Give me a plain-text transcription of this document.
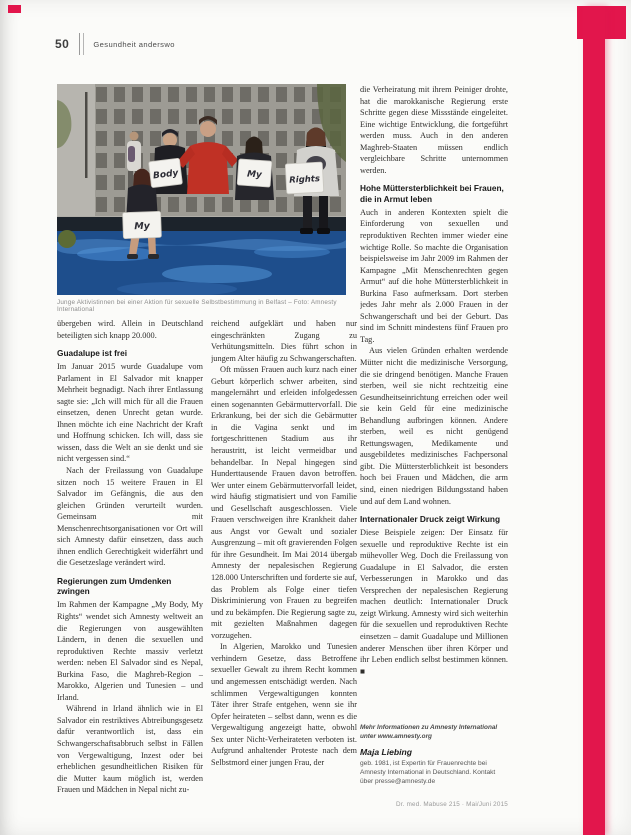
50	Gesundheit anderswo
Body	My	Rights
My
Junge Aktivistinnen bei einer Aktion für sexuelle Selbstbestimmung in Belfast – Foto: Amnesty International

übergeben wird. Allein in Deutschland beteiligten sich knapp 20.000.

Guadalupe ist frei

Im Januar 2015 wurde Guadalupe vom Parlament in El Salvador mit knapper Mehrheit begnadigt. Nach ihrer Entlassung sagte sie: „Ich will mich für all die Frauen einsetzen, denen Unrecht getan wurde. Ihnen möchte ich eine Nachricht der Kraft und Hoffnung schicken. Ich will, dass sie wissen, dass die Welt an sie denkt und sie nicht vergessen sind.“

Nach der Freilassung von Guadalupe sitzen noch 15 weitere Frauen in El Salvador im Gefängnis, die aus den gleichen Gründen verurteilt wurden. Gemeinsam mit Menschenrechtsorganisationen vor Ort will sich Amnesty dafür einsetzen, dass auch ihnen endlich Gerechtigkeit widerfährt und die Gesetzeslage verändert wird.

Regierungen zum Umdenken zwingen

Im Rahmen der Kampagne „My Body, My Rights“ wendet sich Amnesty weltweit an die Regierungen von ausgewählten Ländern, in denen die sexuellen und reproduktiven Rechte massiv verletzt werden: neben El Salvador sind es Nepal, Burkina Faso, die Maghreb-Region – Marokko, Algerien und Tunesien – und Irland.

Während in Irland ähnlich wie in El Salvador ein restriktives Abtreibungsgesetz dafür verantwortlich ist, dass ein Schwangerschaftsabbruch selbst in Fällen von Vergewaltigung, Inzest oder bei erheblichen gesundheitlichen Risiken für die Mutter kaum möglich ist, werden Frauen und Mädchen in Nepal nicht zu-

reichend aufgeklärt und haben nur eingeschränkten Zugang zu Verhütungsmitteln. Dies führt schon in jungem Alter häufig zu Schwangerschaften.

Oft müssen Frauen auch kurz nach einer Geburt körperlich schwer arbeiten, sind mangelernährt und erleiden infolgedessen einen sogenannten Gebärmuttervorfall. Die Erkrankung, bei der sich die Gebärmutter in die Vagina senkt und im fortgeschrittenen Stadium aus ihr heraustritt, ist leicht vermeidbar und behandelbar. In Nepal hingegen sind Hunderttausende Frauen davon betroffen. Wer unter einem Gebärmuttervorfall leidet, wird häufig stigmatisiert und von Familie und Gesellschaft ausgeschlossen. Viele Frauen verschweigen ihre Krankheit daher aus Angst vor Gewalt und sozialer Ausgrenzung – mit oft gravierenden Folgen für ihre Gesundheit. Im Mai 2014 übergab Amnesty der nepalesischen Regierung 128.000 Unterschriften und forderte sie auf, das Problem als Folge einer tiefen Diskriminierung von Frauen zu begreifen und zu bekämpfen. Die Regierung sagte zu, mit gezielten Maßnahmen dagegen vorzugehen.

In Algerien, Marokko und Tunesien verhindern Gesetze, dass Betroffene sexueller Gewalt zu ihrem Recht kommen und angemessen entschädigt werden. Nach schlimmen Vergewaltigungen konnten Täter ihrer Strafe entgehen, wenn sie ihr Opfer heirateten – selbst dann, wenn es die Vergewaltigung angezeigt hatte, obwohl Sex unter Nicht-Verheirateten verboten ist. Aufgrund anhaltender Proteste nach dem Selbstmord einer jungen Frau, der

die Verheiratung mit ihrem Peiniger drohte, hat die marokkanische Regierung erste Schritte gegen diese Missstände eingeleitet. Eine wichtige Entwicklung, die fortgeführt werden muss. Auch in den anderen Maghreb-Staaten müssen endlich vergleichbare Schritte unternommen werden.

Hohe Müttersterblichkeit bei Frauen, die in Armut leben

Auch in anderen Kontexten spielt die Einforderung von sexuellen und reproduktiven Rechten immer wieder eine wichtige Rolle. So machte die Organisation beispielsweise im Jahr 2009 im Rahmen der Kampagne „Mit Menschenrechten gegen Armut“ auf die hohe Müttersterblichkeit in Burkina Faso aufmerksam. Dort sterben jedes Jahr mehr als 2.000 Frauen in der Schwangerschaft und bei der Geburt. Das sind im Schnitt mindestens fünf Frauen pro Tag.

Aus vielen Gründen erhalten werdende Mütter nicht die medizinische Versorgung, die sie dringend benötigen. Manche Frauen sterben, weil sie nicht rechtzeitig eine Gesundheitseinrichtung erreichen oder weil sie kein Geld für eine medizinische Behandlung aufbringen können. Andere sterben, weil es nicht genügend Rettungswagen, Medikamente und ausgebildetes medizinisches Fachpersonal gibt. Die Müttersterblichkeit ist besonders hoch bei Frauen und Mädchen, die arm sind, einen niedrigen Bildungsstand haben und auf dem Land wohnen.

Internationaler Druck zeigt Wirkung

Diese Beispiele zeigen: Der Einsatz für sexuelle und reproduktive Rechte ist ein mühevoller Weg. Doch die Freilassung von Guadalupe in El Salvador, die ersten Verbesserungen in Marokko und das Versprechen der nepalesischen Regierung machen deutlich: Internationaler Druck zeigt Wirkung. Amnesty wird sich weiterhin für die sexuellen und reproduktiven Rechte einsetzen – damit Guadalupe und Millionen anderer Menschen über ihren Körper und ihr Leben endlich selbst bestimmen können. ■

Mehr Informationen zu Amnesty International unter www.amnesty.org
Maja Liebing
geb. 1981, ist Expertin für Frauenrechte bei Amnesty International in Deutschland. Kontakt über presse@amnesty.de
Dr. med. Mabuse 215 · Mai/Juni 2015
